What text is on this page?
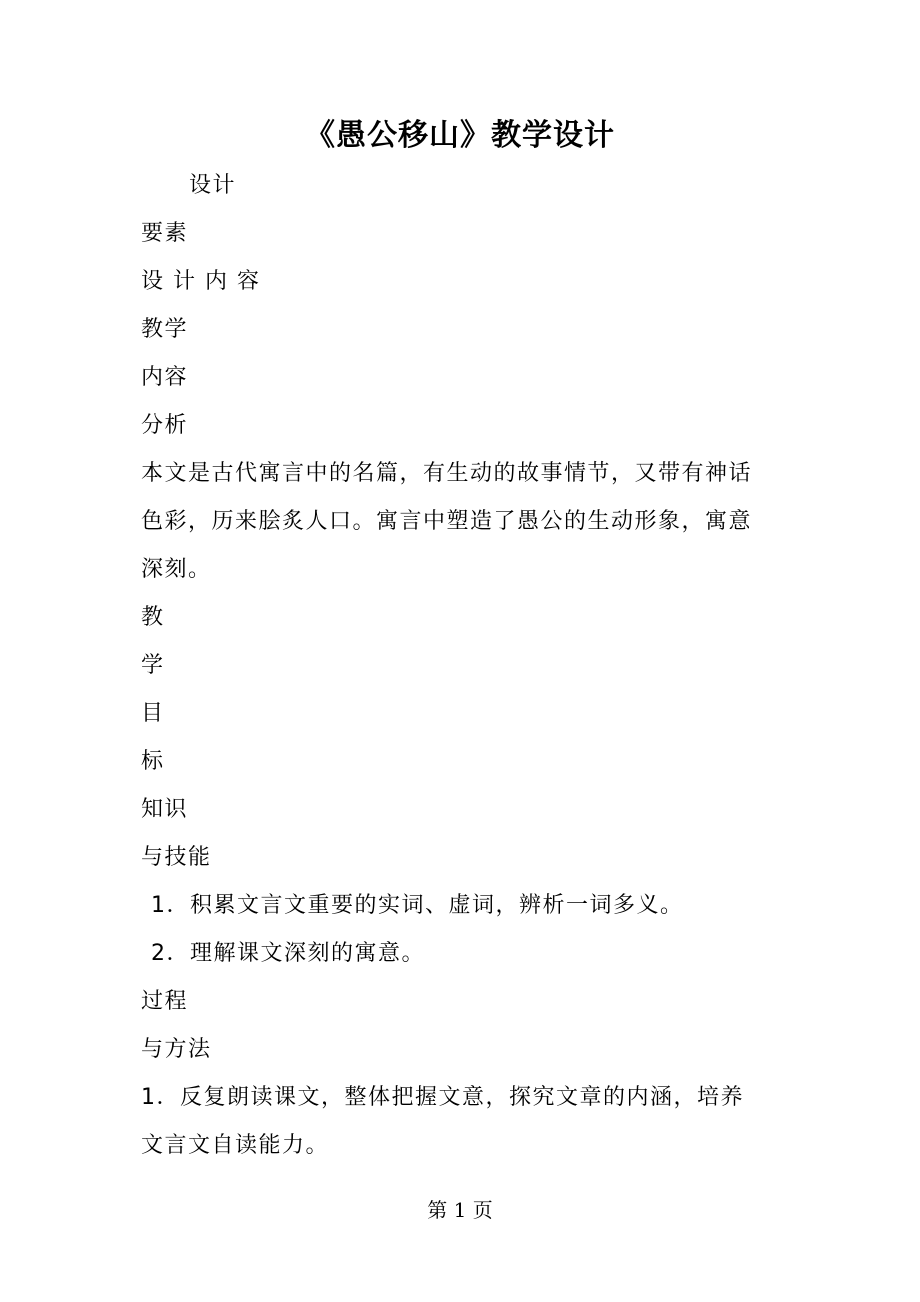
《愚公移山》教学设计
设计
要素
设 计 内 容
教学
内容
分析
本文是古代寓言中的名篇，有生动的故事情节，又带有神话
色彩，历来脍炙人口。寓言中塑造了愚公的生动形象，寓意
深刻。
教
学
目
标
知识
与技能
1．积累文言文重要的实词、虚词，辨析一词多义。
2．理解课文深刻的寓意。
过程
与方法
1．反复朗读课文，整体把握文意，探究文章的内涵，培养
文言文自读能力。
第 1 页
